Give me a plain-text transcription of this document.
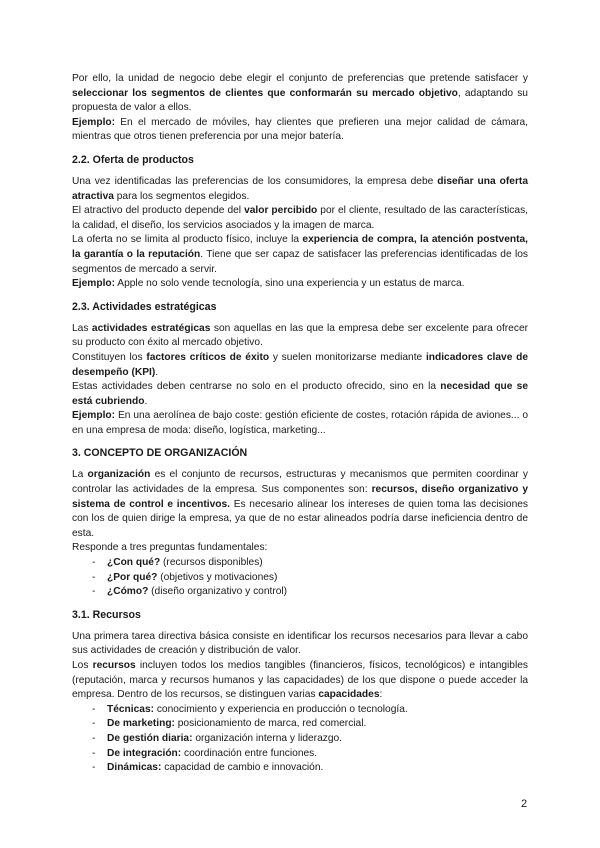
Por ello, la unidad de negocio debe elegir el conjunto de preferencias que pretende satisfacer y seleccionar los segmentos de clientes que conformarán su mercado objetivo, adaptando su propuesta de valor a ellos.

Ejemplo: En el mercado de móviles, hay clientes que prefieren una mejor calidad de cámara, mientras que otros tienen preferencia por una mejor batería.

2.2. Oferta de productos

Una vez identificadas las preferencias de los consumidores, la empresa debe diseñar una oferta atractiva para los segmentos elegidos.

El atractivo del producto depende del valor percibido por el cliente, resultado de las características, la calidad, el diseño, los servicios asociados y la imagen de marca.

La oferta no se limita al producto físico, incluye la experiencia de compra, la atención postventa, la garantía o la reputación. Tiene que ser capaz de satisfacer las preferencias identificadas de los segmentos de mercado a servir.

Ejemplo: Apple no solo vende tecnología, sino una experiencia y un estatus de marca.

2.3. Actividades estratégicas

Las actividades estratégicas son aquellas en las que la empresa debe ser excelente para ofrecer su producto con éxito al mercado objetivo.

Constituyen los factores críticos de éxito y suelen monitorizarse mediante indicadores clave de desempeño (KPI).

Estas actividades deben centrarse no solo en el producto ofrecido, sino en la necesidad que se está cubriendo.

Ejemplo: En una aerolínea de bajo coste: gestión eficiente de costes, rotación rápida de aviones... o en una empresa de moda: diseño, logística, marketing...

3. CONCEPTO DE ORGANIZACIÓN

La organización es el conjunto de recursos, estructuras y mecanismos que permiten coordinar y controlar las actividades de la empresa. Sus componentes son: recursos, diseño organizativo y sistema de control e incentivos. Es necesario alinear los intereses de quien toma las decisiones con los de quien dirige la empresa, ya que de no estar alineados podría darse ineficiencia dentro de esta.

Responde a tres preguntas fundamentales:

- ¿Con qué? (recursos disponibles)
- ¿Por qué? (objetivos y motivaciones)
- ¿Cómo? (diseño organizativo y control)
3.1. Recursos

Una primera tarea directiva básica consiste en identificar los recursos necesarios para llevar a cabo sus actividades de creación y distribución de valor.

Los recursos incluyen todos los medios tangibles (financieros, físicos, tecnológicos) e intangibles (reputación, marca y recursos humanos y las capacidades) de los que dispone o puede acceder la empresa. Dentro de los recursos, se distinguen varias capacidades:

- Técnicas: conocimiento y experiencia en producción o tecnología.
- De marketing: posicionamiento de marca, red comercial.
- De gestión diaria: organización interna y liderazgo.
- De integración: coordinación entre funciones.
- Dinámicas: capacidad de cambio e innovación.
2
